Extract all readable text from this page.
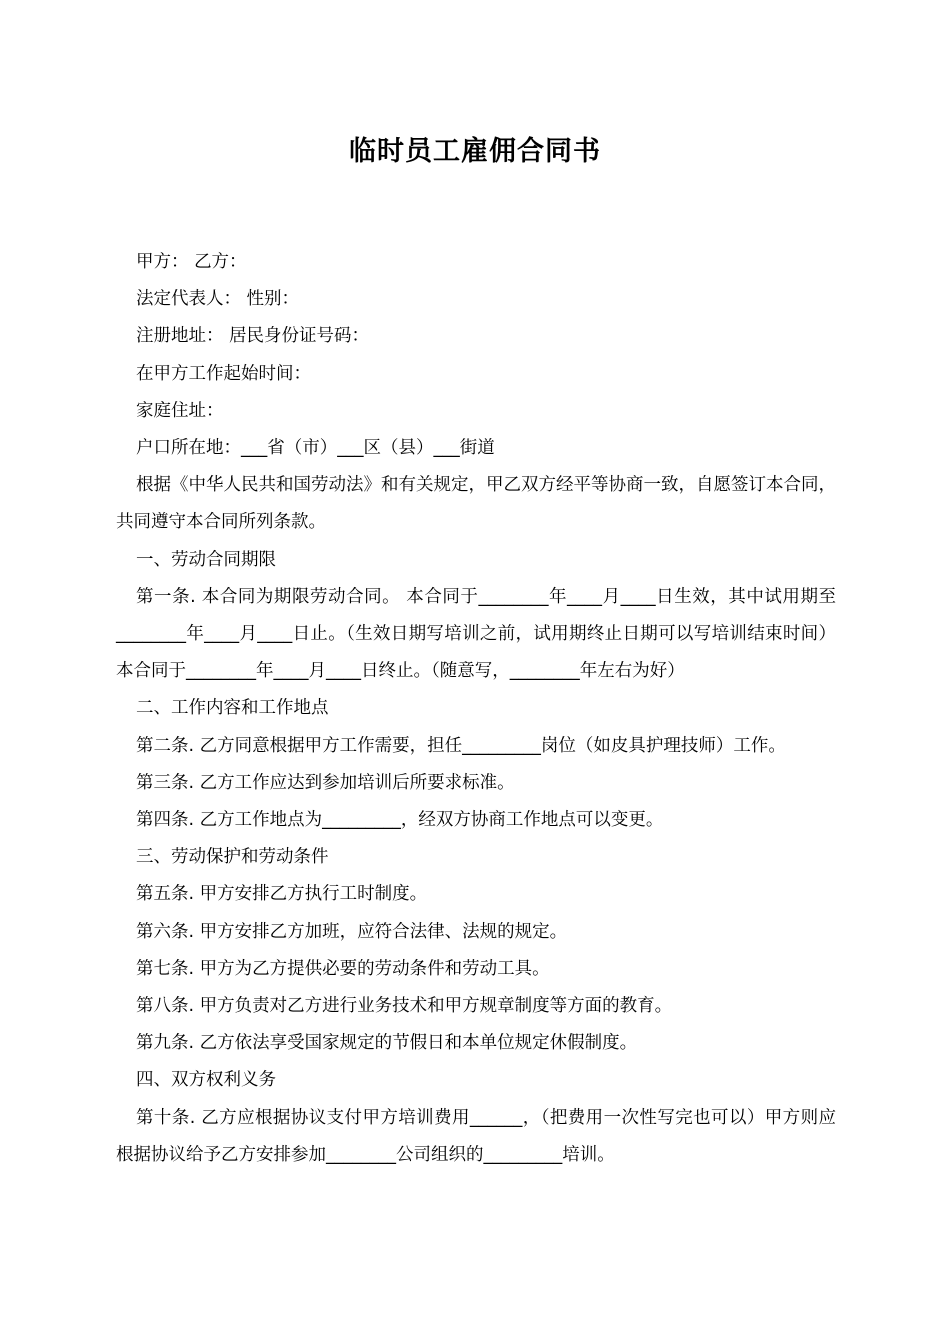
临时员工雇佣合同书

甲方： 乙方：

法定代表人： 性别：

注册地址： 居民身份证号码：

在甲方工作起始时间：

家庭住址：

户口所在地：___省（市）___区（县）___街道

根据《中华人民共和国劳动法》和有关规定，甲乙双方经平等协商一致，自愿签订本合同，共同遵守本合同所列条款。

一、劳动合同期限

第一条. 本合同为期限劳动合同。 本合同于________年____月____日生效，其中试用期至________年____月____日止。（生效日期写培训之前，试用期终止日期可以写培训结束时间）本合同于________年____月____日终止。（随意写，________年左右为好）

二、工作内容和工作地点

第二条. 乙方同意根据甲方工作需要，担任_________岗位（如皮具护理技师）工作。

第三条. 乙方工作应达到参加培训后所要求标准。

第四条. 乙方工作地点为_________，经双方协商工作地点可以变更。

三、劳动保护和劳动条件

第五条. 甲方安排乙方执行工时制度。

第六条. 甲方安排乙方加班，应符合法律、法规的规定。

第七条. 甲方为乙方提供必要的劳动条件和劳动工具。

第八条. 甲方负责对乙方进行业务技术和甲方规章制度等方面的教育。

第九条. 乙方依法享受国家规定的节假日和本单位规定休假制度。

四、双方权利义务

第十条. 乙方应根据协议支付甲方培训费用______，（把费用一次性写完也可以）甲方则应根据协议给予乙方安排参加________公司组织的_________培训。
